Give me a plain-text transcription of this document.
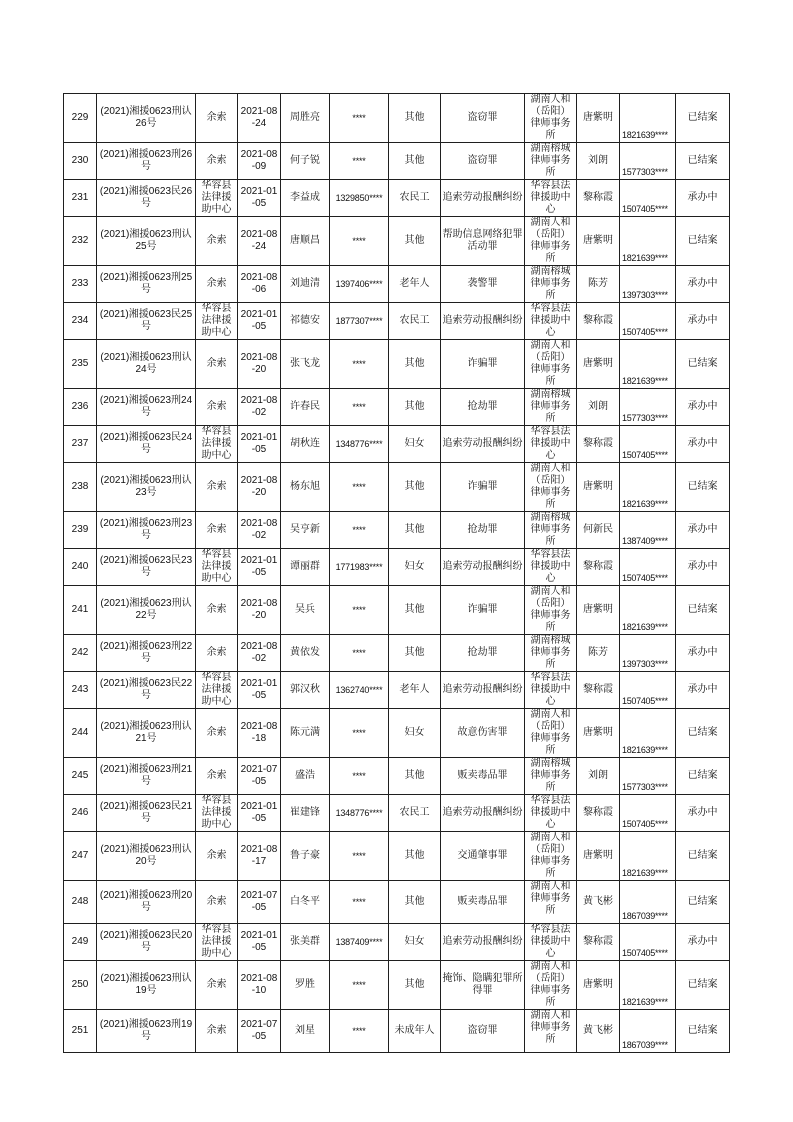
229	(2021)湘援0623刑认26号	余索	2021-08-24	周胜亮	****	其他	盗窃罪	湖南人和（岳阳）律师事务所	唐紫明	1821639****	已结案
230	(2021)湘援0623刑26号	余索	2021-08-09	何子锐	****	其他	盗窃罪	湖南榕城律师事务所	刘朗	1577303****	已结案
231	(2021)湘援0623民26号	华容县法律援助中心	2021-01-05	李益成	1329850****	农民工	追索劳动报酬纠纷	华容县法律援助中心	黎称霞	1507405****	承办中
232	(2021)湘援0623刑认25号	余索	2021-08-24	唐顺昌	****	其他	帮助信息网络犯罪活动罪	湖南人和（岳阳）律师事务所	唐紫明	1821639****	已结案
233	(2021)湘援0623刑25号	余索	2021-08-06	刘迪清	1397406****	老年人	袭警罪	湖南榕城律师事务所	陈芳	1397303****	承办中
234	(2021)湘援0623民25号	华容县法律援助中心	2021-01-05	祁德安	1877307****	农民工	追索劳动报酬纠纷	华容县法律援助中心	黎称霞	1507405****	承办中
235	(2021)湘援0623刑认24号	余索	2021-08-20	张飞龙	****	其他	诈骗罪	湖南人和（岳阳）律师事务所	唐紫明	1821639****	已结案
236	(2021)湘援0623刑24号	余索	2021-08-02	许春民	****	其他	抢劫罪	湖南榕城律师事务所	刘朗	1577303****	承办中
237	(2021)湘援0623民24号	华容县法律援助中心	2021-01-05	胡秋连	1348776****	妇女	追索劳动报酬纠纷	华容县法律援助中心	黎称霞	1507405****	承办中
238	(2021)湘援0623刑认23号	余索	2021-08-20	杨东旭	****	其他	诈骗罪	湖南人和（岳阳）律师事务所	唐紫明	1821639****	已结案
239	(2021)湘援0623刑23号	余索	2021-08-02	吴亨新	****	其他	抢劫罪	湖南榕城律师事务所	何新民	1387409****	承办中
240	(2021)湘援0623民23号	华容县法律援助中心	2021-01-05	谭丽群	1771983****	妇女	追索劳动报酬纠纷	华容县法律援助中心	黎称霞	1507405****	承办中
241	(2021)湘援0623刑认22号	余索	2021-08-20	吴兵	****	其他	诈骗罪	湖南人和（岳阳）律师事务所	唐紫明	1821639****	已结案
242	(2021)湘援0623刑22号	余索	2021-08-02	黄依发	****	其他	抢劫罪	湖南榕城律师事务所	陈芳	1397303****	承办中
243	(2021)湘援0623民22号	华容县法律援助中心	2021-01-05	郭汉秋	1362740****	老年人	追索劳动报酬纠纷	华容县法律援助中心	黎称霞	1507405****	承办中
244	(2021)湘援0623刑认21号	余索	2021-08-18	陈元满	****	妇女	故意伤害罪	湖南人和（岳阳）律师事务所	唐紫明	1821639****	已结案
245	(2021)湘援0623刑21号	余索	2021-07-05	盛浩	****	其他	贩卖毒品罪	湖南榕城律师事务所	刘朗	1577303****	已结案
246	(2021)湘援0623民21号	华容县法律援助中心	2021-01-05	崔建锋	1348776****	农民工	追索劳动报酬纠纷	华容县法律援助中心	黎称霞	1507405****	承办中
247	(2021)湘援0623刑认20号	余索	2021-08-17	鲁子豪	****	其他	交通肇事罪	湖南人和（岳阳）律师事务所	唐紫明	1821639****	已结案
248	(2021)湘援0623刑20号	余索	2021-07-05	白冬平	****	其他	贩卖毒品罪	湖南人和律师事务所	黄飞彬	1867039****	已结案
249	(2021)湘援0623民20号	华容县法律援助中心	2021-01-05	张美群	1387409****	妇女	追索劳动报酬纠纷	华容县法律援助中心	黎称霞	1507405****	承办中
250	(2021)湘援0623刑认19号	余索	2021-08-10	罗胜	****	其他	掩饰、隐瞒犯罪所得罪	湖南人和（岳阳）律师事务所	唐紫明	1821639****	已结案
251	(2021)湘援0623刑19号	余索	2021-07-05	刘星	****	未成年人	盗窃罪	湖南人和律师事务所	黄飞彬	1867039****	已结案
